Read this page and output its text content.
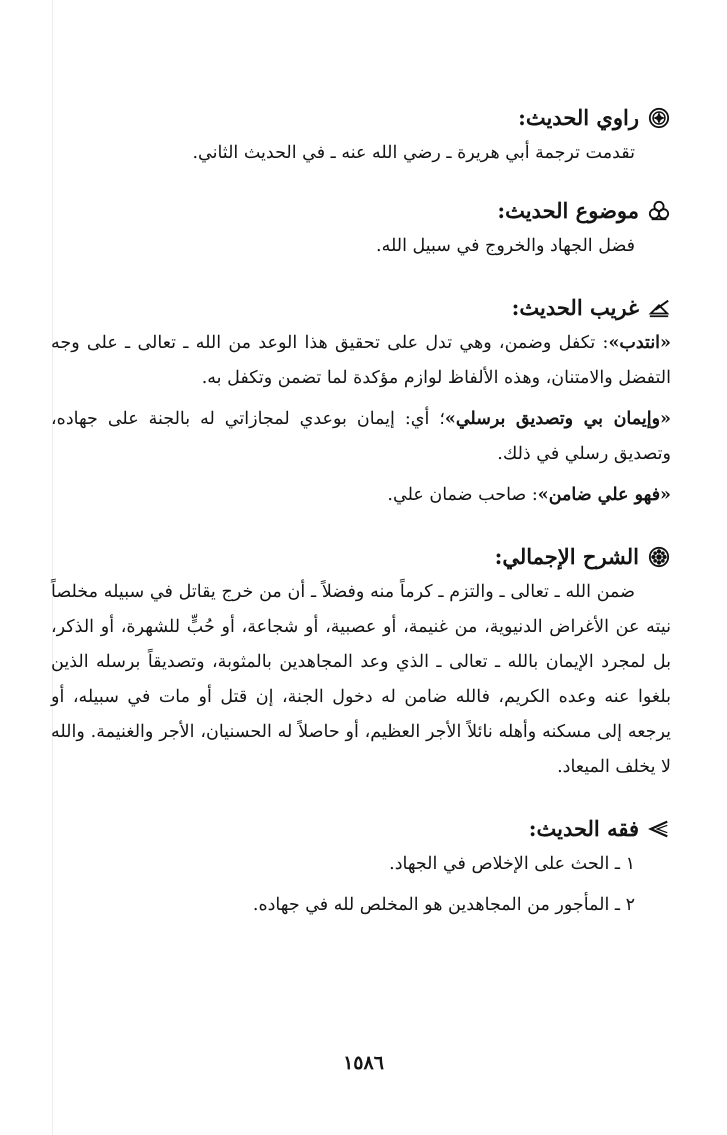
راوي الحديث:

تقدمت ترجمة أبي هريرة ـ رضي الله عنه ـ في الحديث الثاني.

موضوع الحديث:

فضل الجهاد والخروج في سبيل الله.

غريب الحديث:

«انتدب»: تكفل وضمن، وهي تدل على تحقيق هذا الوعد من الله ـ تعالى ـ على وجه التفضل والامتنان، وهذه الألفاظ لوازم مؤكدة لما تضمن وتكفل به.

«وإيمان بي وتصديق برسلي»؛ أي: إيمان بوعدي لمجازاتي له بالجنة على جهاده، وتصديق رسلي في ذلك.

«فهو علي ضامن»: صاحب ضمان علي.

الشرح الإجمالي:

ضمن الله ـ تعالى ـ والتزم ـ كرماً منه وفضلاً ـ أن من خرج يقاتل في سبيله مخلصاً نيته عن الأغراض الدنيوية، من غنيمة، أو عصبية، أو شجاعة، أو حُبٍّ للشهرة، أو الذكر، بل لمجرد الإيمان بالله ـ تعالى ـ الذي وعد المجاهدين بالمثوبة، وتصديقاً برسله الذين بلغوا عنه وعده الكريم، فالله ضامن له دخول الجنة، إن قتل أو مات في سبيله، أو يرجعه إلى مسكنه وأهله نائلاً الأجر العظيم، أو حاصلاً له الحسنيان، الأجر والغنيمة. والله لا يخلف الميعاد.

فقه الحديث:

١ ـ الحث على الإخلاص في الجهاد.

٢ ـ المأجور من المجاهدين هو المخلص لله في جهاده.

١٥٨٦
